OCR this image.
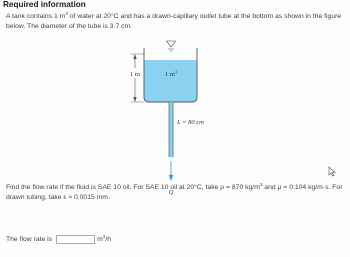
Required information
A tank contains 1 $m^3$ of water at 20°C and has a drawn-capillary outlet tube at the bottom as shown in the figure below. The diameter of the tube is 3.7 cm.
1 m	1 $m^3$
L = 80 cm
Q
Find the flow rate if the fluid is SAE 10 oil. For SAE 10 oil at 20°C, take ρ = 870 $kg/m^3$ and μ = 0.104 kg/m·s. For drawn tubing, take ε ≈ 0.0015 mm.
The flow rate is	$m^3/h$
